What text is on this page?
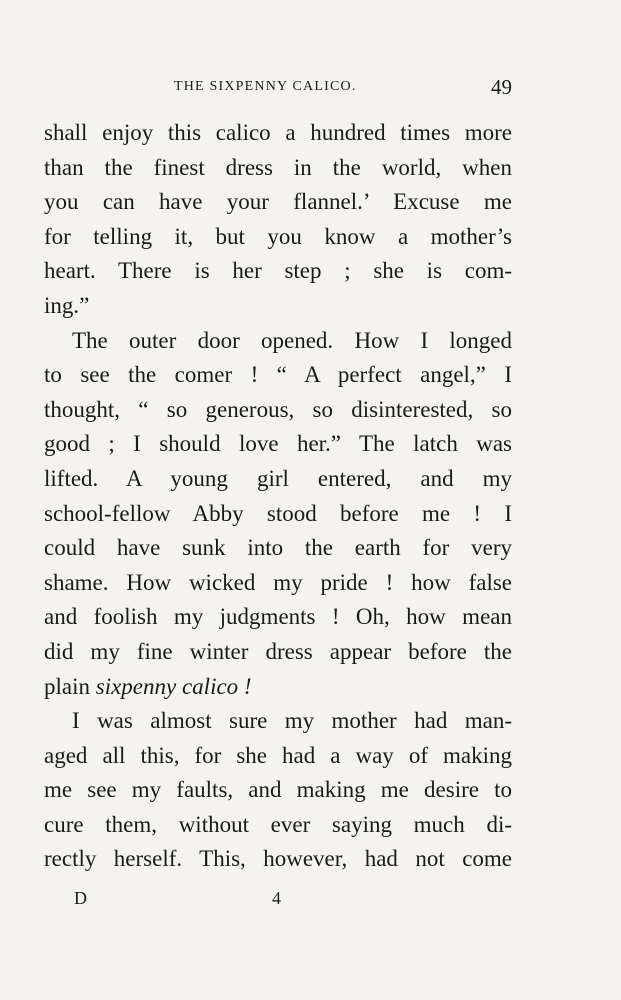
THE SIXPENNY CALICO.	49
shall enjoy this calico a hundred times more
than the finest dress in the world, when
you can have your flannel.’ Excuse me
for telling it, but you know a mother’s
heart. There is her step ; she is com-
ing.”
The outer door opened. How I longed
to see the comer ! “ A perfect angel,” I
thought, “ so generous, so disinterested, so
good ; I should love her.” The latch was
lifted. A young girl entered, and my
school-fellow Abby stood before me ! I
could have sunk into the earth for very
shame. How wicked my pride ! how false
and foolish my judgments ! Oh, how mean
did my fine winter dress appear before the
plain sixpenny calico !
I was almost sure my mother had man-
aged all this, for she had a way of making
me see my faults, and making me desire to
cure them, without ever saying much di-
rectly herself. This, however, had not come
D	4
